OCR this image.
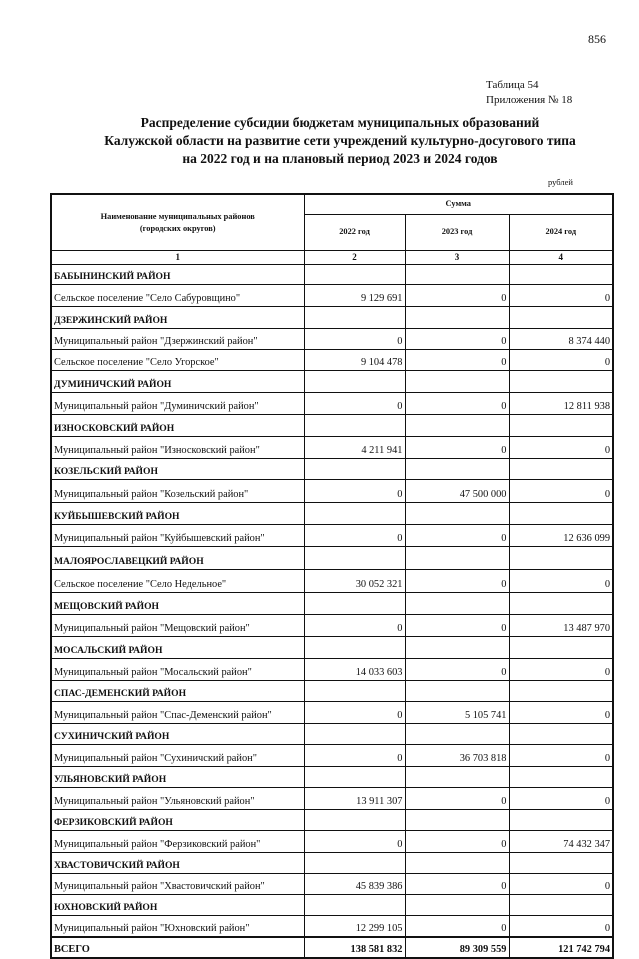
856
Таблица 54
Приложения № 18
Распределение субсидии бюджетам муниципальных образований
Калужской области на развитие сети учреждений культурно-досугового типа
на 2022 год и на плановый период 2023 и 2024 годов
рублей
Наименование муниципальных районов
(городских округов)	Сумма		
	2022 год	2023 год	2024 год
1	2	3	4
БАБЫНИНСКИЙ РАЙОН			
Сельское поселение "Село Сабуровщино"	9 129 691	0	0
ДЗЕРЖИНСКИЙ РАЙОН			
Муниципальный район "Дзержинский район"	0	0	8 374 440
Сельское поселение "Село Угорское"	9 104 478	0	0
ДУМИНИЧСКИЙ РАЙОН			
Муниципальный район "Думиничский район"	0	0	12 811 938
ИЗНОСКОВСКИЙ РАЙОН			
Муниципальный район "Износковский район"	4 211 941	0	0
КОЗЕЛЬСКИЙ РАЙОН			
Муниципальный район "Козельский район"	0	47 500 000	0
КУЙБЫШЕВСКИЙ РАЙОН			
Муниципальный район "Куйбышевский район"	0	0	12 636 099
МАЛОЯРОСЛАВЕЦКИЙ РАЙОН			
Сельское поселение "Село Недельное"	30 052 321	0	0
МЕЩОВСКИЙ РАЙОН			
Муниципальный район "Мещовский район"	0	0	13 487 970
МОСАЛЬСКИЙ РАЙОН			
Муниципальный район "Мосальский район"	14 033 603	0	0
СПАС-ДЕМЕНСКИЙ РАЙОН			
Муниципальный район "Спас-Деменский район"	0	5 105 741	0
СУХИНИЧСКИЙ РАЙОН			
Муниципальный район "Сухиничский район"	0	36 703 818	0
УЛЬЯНОВСКИЙ РАЙОН			
Муниципальный район "Ульяновский район"	13 911 307	0	0
ФЕРЗИКОВСКИЙ РАЙОН			
Муниципальный район "Ферзиковский район"	0	0	74 432 347
ХВАСТОВИЧСКИЙ РАЙОН			
Муниципальный район "Хвастовичский район"	45 839 386	0	0
ЮХНОВСКИЙ РАЙОН			
Муниципальный район "Юхновский район"	12 299 105	0	0
ВСЕГО	138 581 832	89 309 559	121 742 794
